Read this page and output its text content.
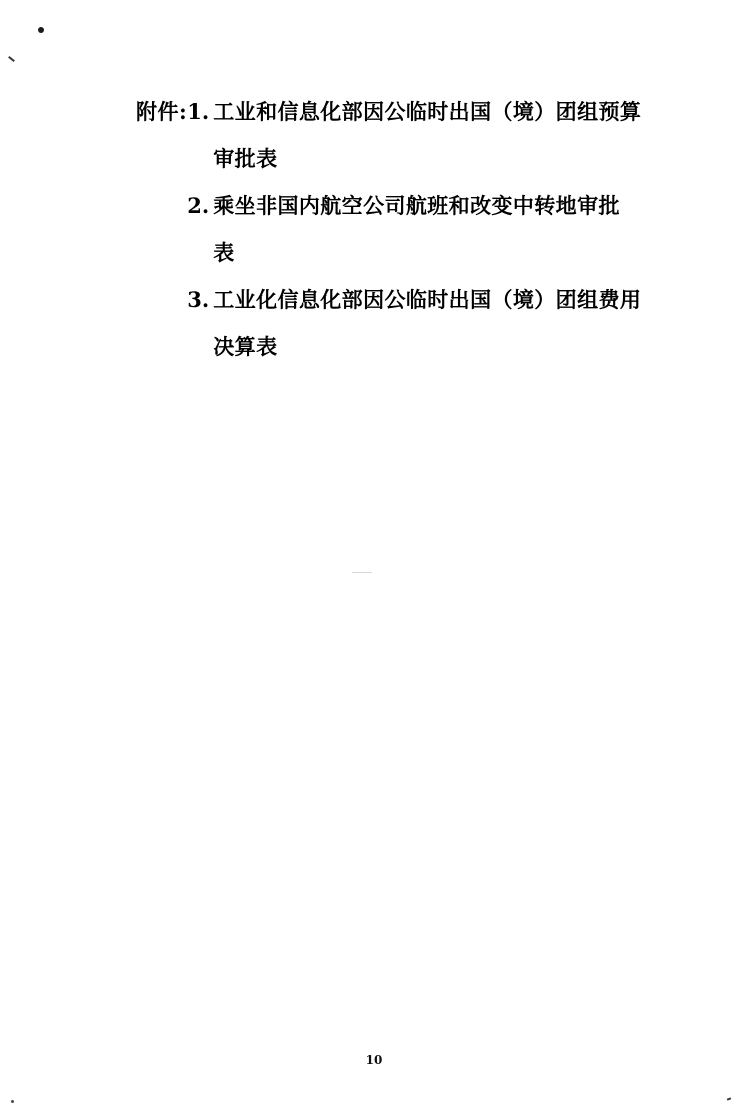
附件: 1. 工业和信息化部因公临时出国（境）团组预算
审批表
2. 乘坐非国内航空公司航班和改变中转地审批
表
3. 工业化信息化部因公临时出国（境）团组费用
决算表
10
